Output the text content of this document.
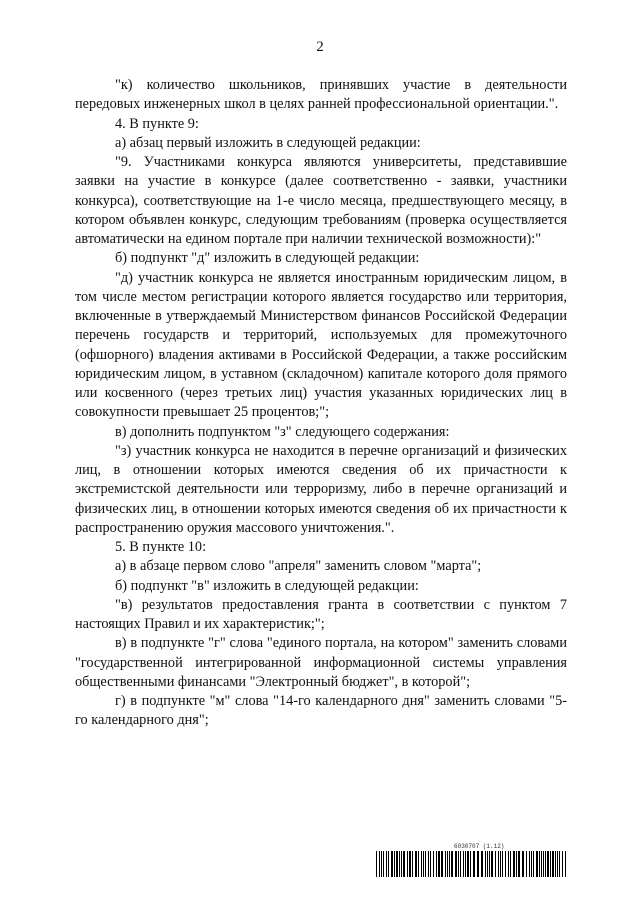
2

"к) количество школьников, принявших участие в деятельности передовых инженерных школ в целях ранней профессиональной ориентации.".

4. В пункте 9:

а) абзац первый изложить в следующей редакции:

"9. Участниками конкурса являются университеты, представившие заявки на участие в конкурсе (далее соответственно - заявки, участники конкурса), соответствующие на 1-е число месяца, предшествующего месяцу, в котором объявлен конкурс, следующим требованиям (проверка осуществляется автоматически на едином портале при наличии технической возможности):"

б) подпункт "д" изложить в следующей редакции:

"д) участник конкурса не является иностранным юридическим лицом, в том числе местом регистрации которого является государство или территория, включенные в утверждаемый Министерством финансов Российской Федерации перечень государств и территорий, используемых для промежуточного (офшорного) владения активами в Российской Федерации, а также российским юридическим лицом, в уставном (складочном) капитале которого доля прямого или косвенного (через третьих лиц) участия указанных юридических лиц в совокупности превышает 25 процентов;";

в) дополнить подпунктом "з" следующего содержания:

"з) участник конкурса не находится в перечне организаций и физических лиц, в отношении которых имеются сведения об их причастности к экстремистской деятельности или терроризму, либо в перечне организаций и физических лиц, в отношении которых имеются сведения об их причастности к распространению оружия массового уничтожения.".

5. В пункте 10:

а) в абзаце первом слово "апреля" заменить словом "марта";

б) подпункт "в" изложить в следующей редакции:

"в) результатов предоставления гранта в соответствии с пунктом 7 настоящих Правил и их характеристик;";

в) в подпункте "г" слова "единого портала, на котором" заменить словами "государственной интегрированной информационной системы управления общественными финансами "Электронный бюджет", в которой";

г) в подпункте "м" слова "14-го календарного дня" заменить словами "5-го календарного дня";

6030707 (1.12)
